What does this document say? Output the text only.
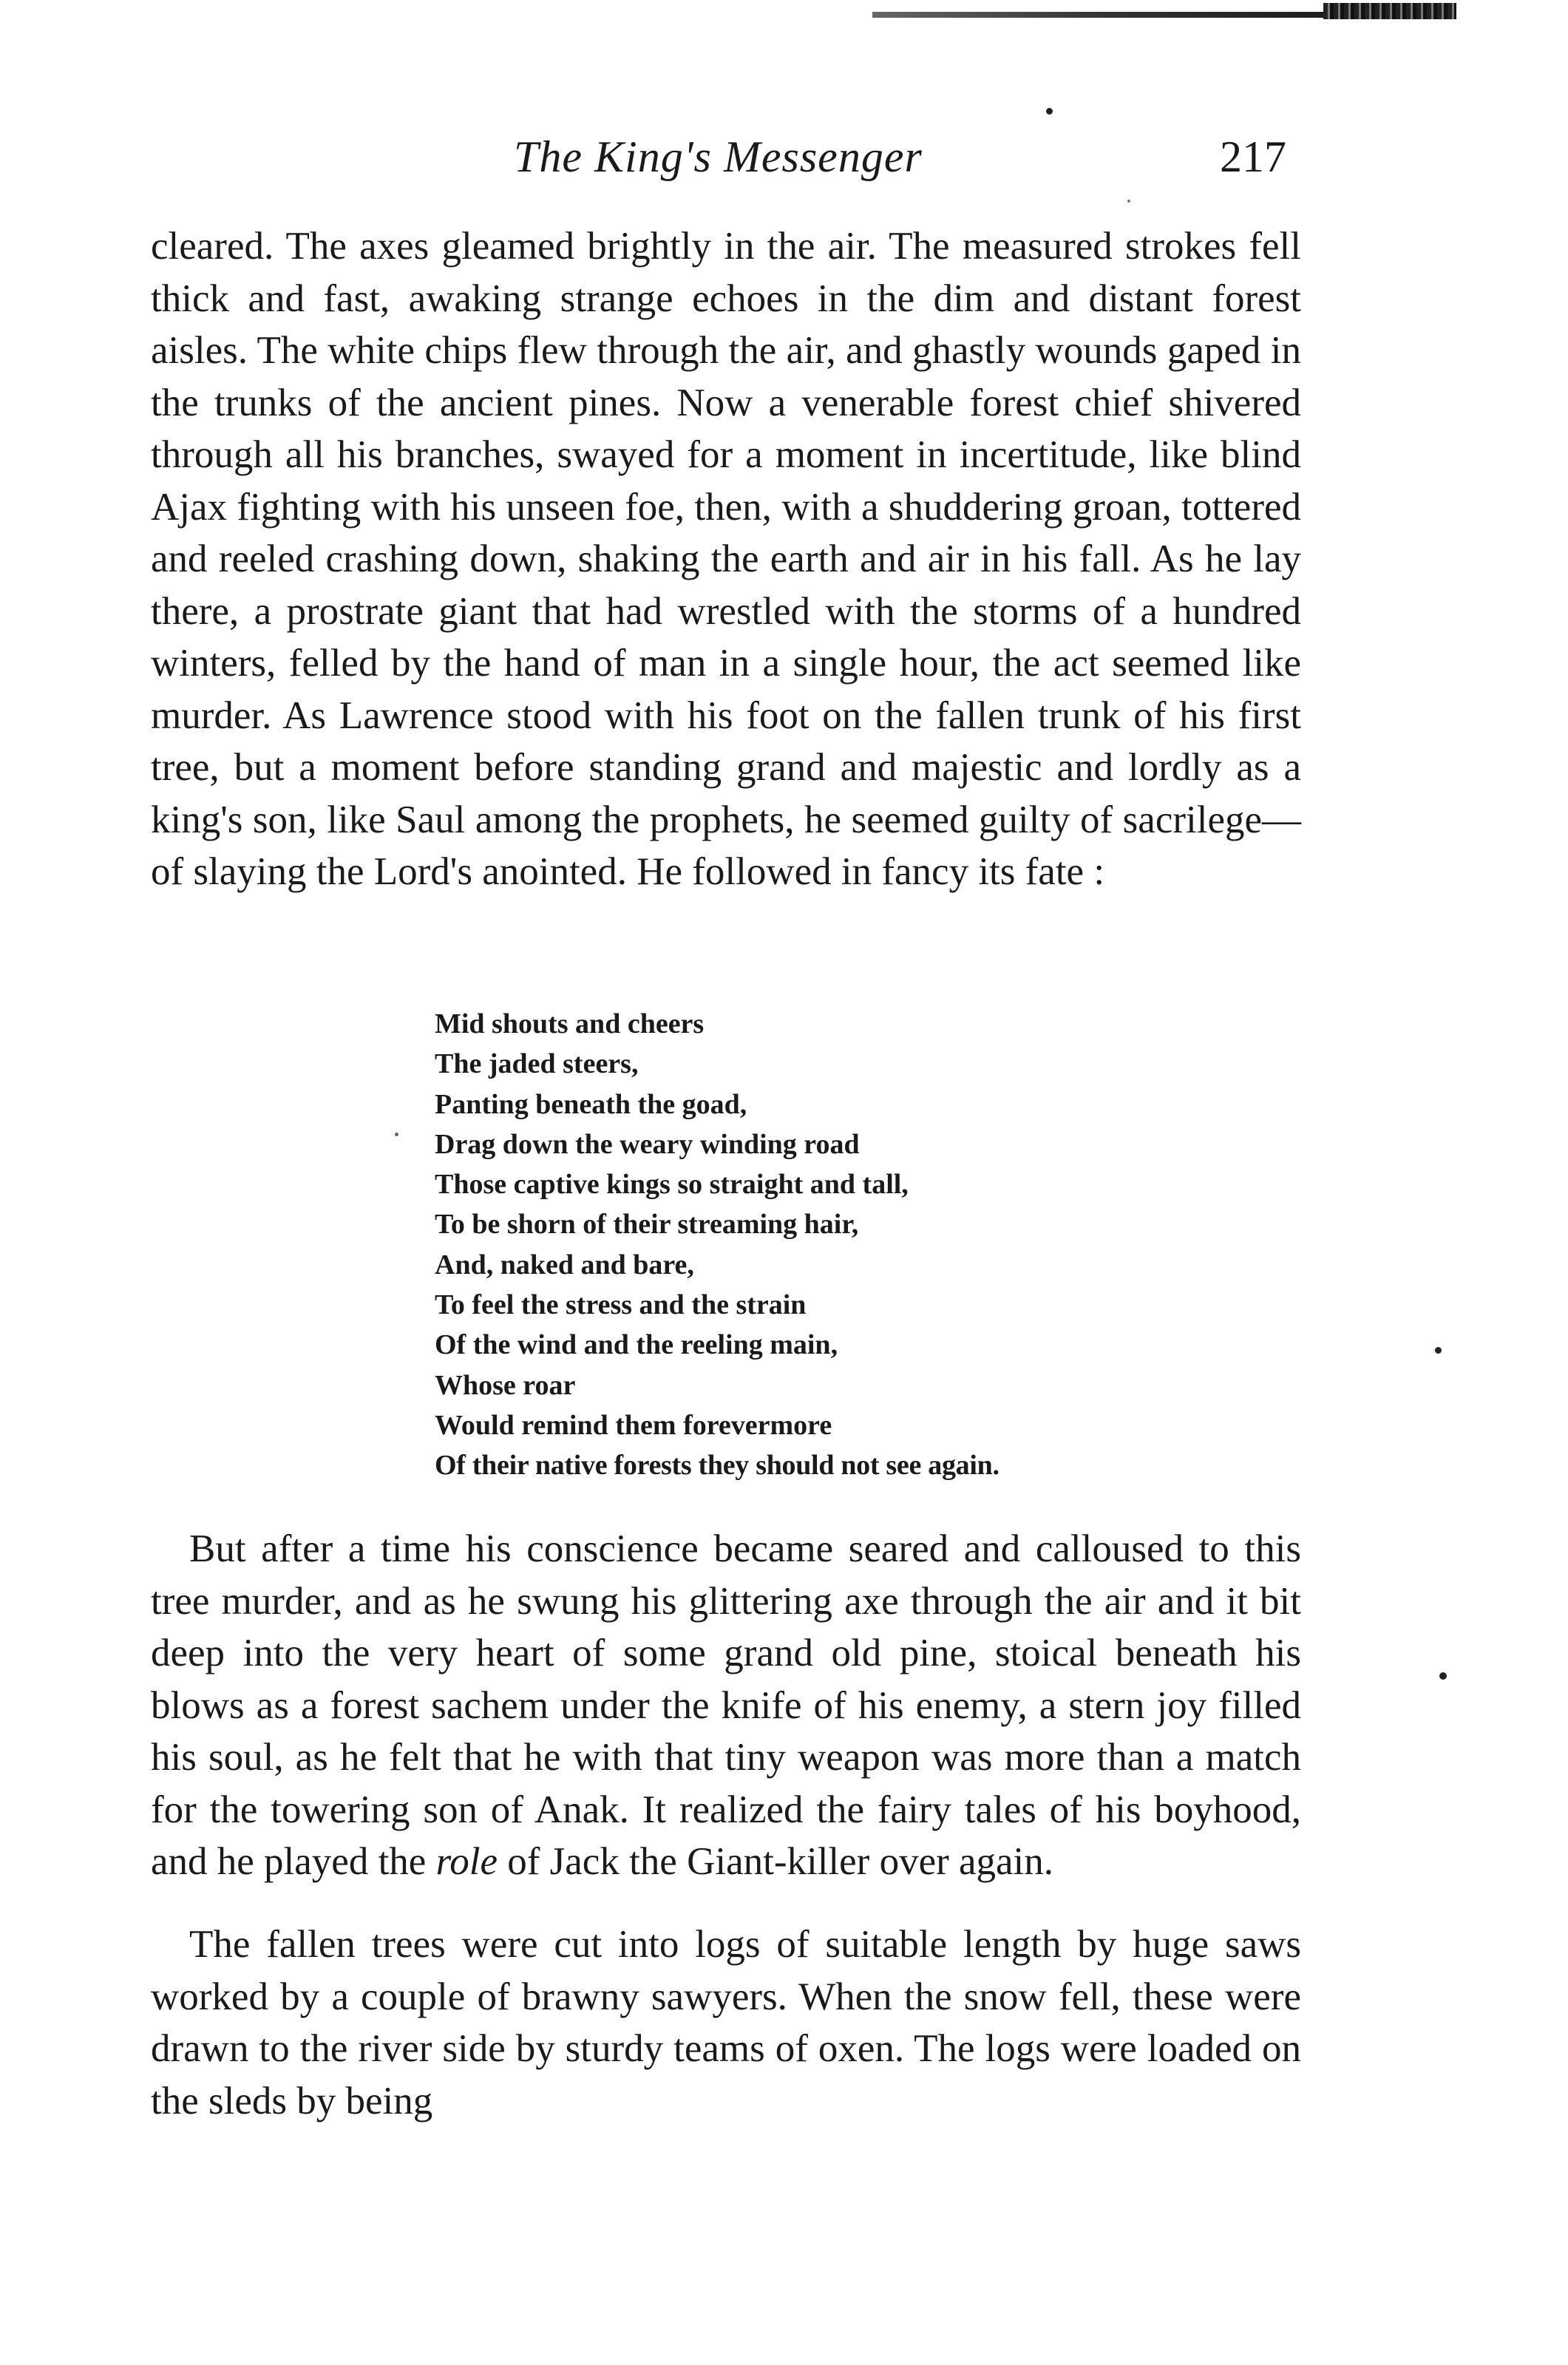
The King's Messenger	217

cleared. The axes gleamed brightly in the air. The measured strokes fell thick and fast, awaking strange echoes in the dim and distant forest aisles. The white chips flew through the air, and ghastly wounds gaped in the trunks of the ancient pines. Now a venerable forest chief shivered through all his branches, swayed for a moment in incertitude, like blind Ajax fighting with his unseen foe, then, with a shuddering groan, tottered and reeled crashing down, shaking the earth and air in his fall. As he lay there, a prostrate giant that had wrestled with the storms of a hundred winters, felled by the hand of man in a single hour, the act seemed like murder. As Lawrence stood with his foot on the fallen trunk of his first tree, but a moment before standing grand and majestic and lordly as a king's son, like Saul among the prophets, he seemed guilty of sacrilege— of slaying the Lord's anointed. He followed in fancy its fate :

Mid shouts and cheers
The jaded steers,
Panting beneath the goad,
Drag down the weary winding road
Those captive kings so straight and tall,
To be shorn of their streaming hair,
And, naked and bare,
To feel the stress and the strain
Of the wind and the reeling main,
Whose roar
Would remind them forevermore
Of their native forests they should not see again.

But after a time his conscience became seared and calloused to this tree murder, and as he swung his glittering axe through the air and it bit deep into the very heart of some grand old pine, stoical beneath his blows as a forest sachem under the knife of his enemy, a stern joy filled his soul, as he felt that he with that tiny weapon was more than a match for the towering son of Anak. It realized the fairy tales of his boyhood, and he played the role of Jack the Giant-killer over again.

The fallen trees were cut into logs of suitable length by huge saws worked by a couple of brawny sawyers. When the snow fell, these were drawn to the river side by sturdy teams of oxen. The logs were loaded on the sleds by being
